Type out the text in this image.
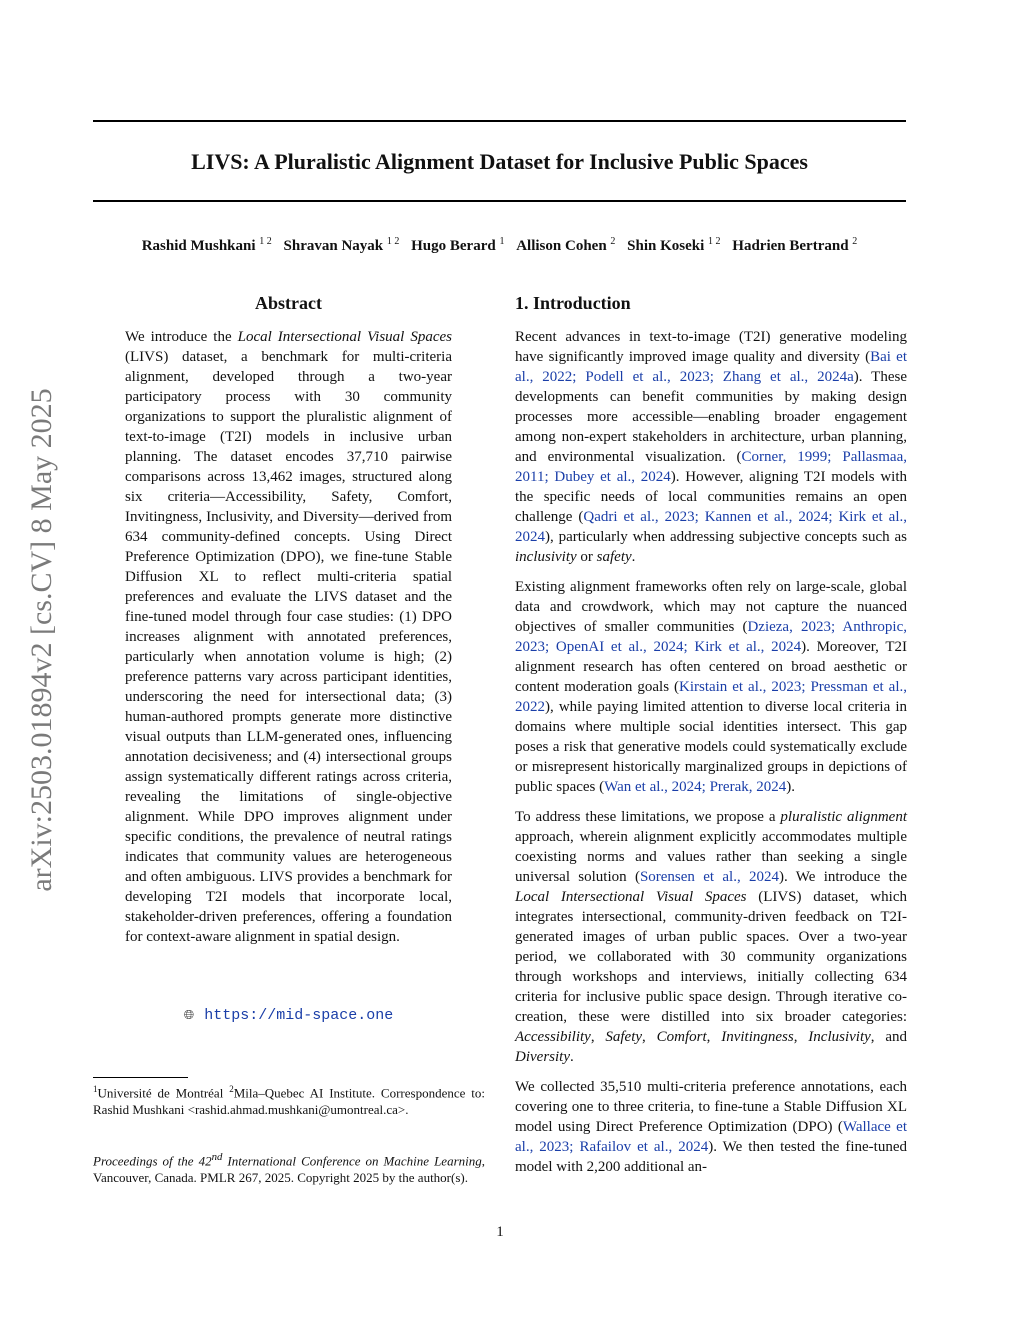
arXiv:2503.01894v2 [cs.CV] 8 May 2025
LIVS: A Pluralistic Alignment Dataset for Inclusive Public Spaces
Rashid Mushkani $^{1 2}$ Shravan Nayak $^{1 2}$ Hugo Berard $^1$ Allison Cohen $^2$ Shin Koseki $^{1 2}$ Hadrien Bertrand $^2$
Abstract
We introduce the Local Intersectional Visual Spaces (LIVS) dataset, a benchmark for multi-criteria alignment, developed through a two-year participatory process with 30 community organizations to support the pluralistic alignment of text-to-image (T2I) models in inclusive urban planning. The dataset encodes 37,710 pairwise comparisons across 13,462 images, structured along six criteria—Accessibility, Safety, Comfort, Invitingness, Inclusivity, and Diversity—derived from 634 community-defined concepts. Using Direct Preference Optimization (DPO), we fine-tune Stable Diffusion XL to reflect multi-criteria spatial preferences and evaluate the LIVS dataset and the fine-tuned model through four case studies: (1) DPO increases alignment with annotated preferences, particularly when annotation volume is high; (2) preference patterns vary across participant identities, underscoring the need for intersectional data; (3) human-authored prompts generate more distinctive visual outputs than LLM-generated ones, influencing annotation decisiveness; and (4) intersectional groups assign systematically different ratings across criteria, revealing the limitations of single-objective alignment. While DPO improves alignment under specific conditions, the prevalence of neutral ratings indicates that community values are heterogeneous and often ambiguous. LIVS provides a benchmark for developing T2I models that incorporate local, stakeholder-driven preferences, offering a foundation for context-aware alignment in spatial design.
🌐︎ https://mid-space.one
$^1$Université de Montréal $^2$Mila–Quebec AI Institute. Correspondence to: Rashid Mushkani <rashid.ahmad.mushkani@umontreal.ca>.
Proceedings of the 42nd International Conference on Machine Learning, Vancouver, Canada. PMLR 267, 2025. Copyright 2025 by the author(s).
1. Introduction

Recent advances in text-to-image (T2I) generative modeling have significantly improved image quality and diversity (Bai et al., 2022; Podell et al., 2023; Zhang et al., 2024a). These developments can benefit communities by making design processes more accessible—enabling broader engagement among non-expert stakeholders in architecture, urban planning, and environmental visualization. (Corner, 1999; Pallasmaa, 2011; Dubey et al., 2024). However, aligning T2I models with the specific needs of local communities remains an open challenge (Qadri et al., 2023; Kannen et al., 2024; Kirk et al., 2024), particularly when addressing subjective concepts such as inclusivity or safety.

Existing alignment frameworks often rely on large-scale, global data and crowdwork, which may not capture the nuanced objectives of smaller communities (Dzieza, 2023; Anthropic, 2023; OpenAI et al., 2024; Kirk et al., 2024). Moreover, T2I alignment research has often centered on broad aesthetic or content moderation goals (Kirstain et al., 2023; Pressman et al., 2022), while paying limited attention to diverse local criteria in domains where multiple social identities intersect. This gap poses a risk that generative models could systematically exclude or misrepresent historically marginalized groups in depictions of public spaces (Wan et al., 2024; Prerak, 2024).

To address these limitations, we propose a pluralistic alignment approach, wherein alignment explicitly accommodates multiple coexisting norms and values rather than seeking a single universal solution (Sorensen et al., 2024). We introduce the Local Intersectional Visual Spaces (LIVS) dataset, which integrates intersectional, community-driven feedback on T2I-generated images of urban public spaces. Over a two-year period, we collaborated with 30 community organizations through workshops and interviews, initially collecting 634 criteria for inclusive public space design. Through iterative co-creation, these were distilled into six broader categories: Accessibility, Safety, Comfort, Invitingness, Inclusivity, and Diversity.

We collected 35,510 multi-criteria preference annotations, each covering one to three criteria, to fine-tune a Stable Diffusion XL model using Direct Preference Optimization (DPO) (Wallace et al., 2023; Rafailov et al., 2024). We then tested the fine-tuned model with 2,200 additional an-

1
